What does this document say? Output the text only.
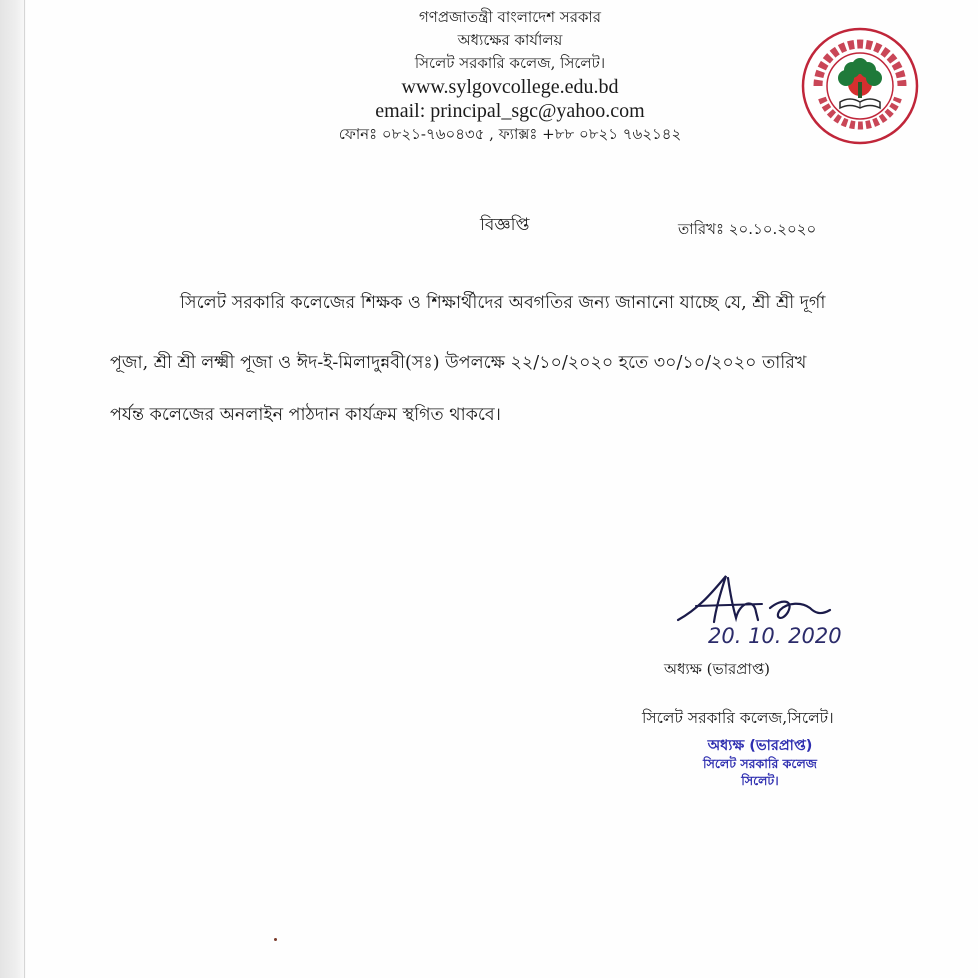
গণপ্রজাতন্ত্রী বাংলাদেশ সরকার
অধ্যক্ষের কার্যালয়
সিলেট সরকারি কলেজ, সিলেট।
www.sylgovcollege.edu.bd
email: principal_sgc@yahoo.com
ফোনঃ ০৮২১-৭৬০৪৩৫ , ফ্যাক্সঃ +৮৮ ০৮২১ ৭৬২১৪২
বিজ্ঞপ্তি	তারিখঃ ২০.১০.২০২০
সিলেট সরকারি কলেজের শিক্ষক ও শিক্ষার্থীদের অবগতির জন্য জানানো যাচ্ছে যে, শ্রী শ্রী দূর্গা
পূজা, শ্রী শ্রী লক্ষ্মী পূজা ও ঈদ-ই-মিলাদুন্নবী(সঃ) উপলক্ষে ২২/১০/২০২০ হতে ৩০/১০/২০২০ তারিখ
পর্যন্ত কলেজের অনলাইন পাঠদান কার্যক্রম স্থগিত থাকবে।
20. 10. 2020
অধ্যক্ষ (ভারপ্রাপ্ত)
সিলেট সরকারি কলেজ,সিলেট।
অধ্যক্ষ (ভারপ্রাপ্ত)
সিলেট সরকারি কলেজ
সিলেট।
